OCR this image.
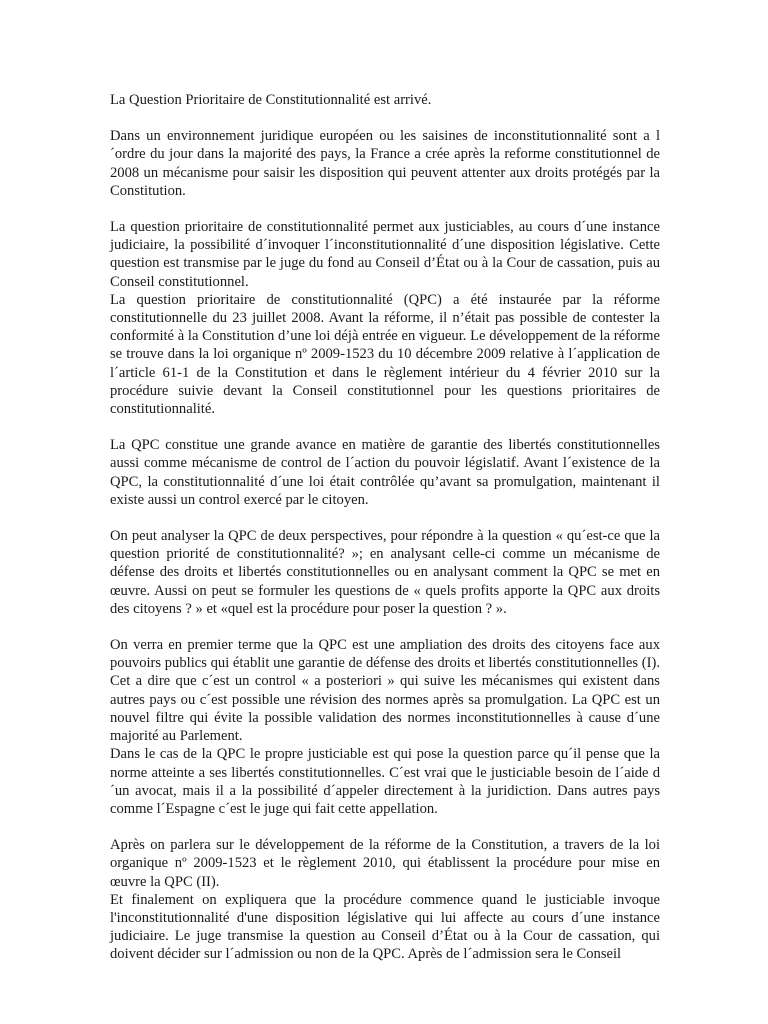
La Question Prioritaire de Constitutionnalité est arrivé.

Dans un environnement juridique européen ou les saisines de inconstitutionnalité sont a l´ordre du jour dans la majorité des pays, la France a crée après la reforme constitutionnel de 2008 un mécanisme pour saisir les disposition qui peuvent attenter aux droits protégés par la Constitution.

La question prioritaire de constitutionnalité permet aux justiciables, au cours d´une instance judiciaire, la possibilité d´invoquer l´inconstitutionnalité d´une disposition législative. Cette question est transmise par le juge du fond au Conseil d’État ou à la Cour de cassation, puis au Conseil constitutionnel.

La question prioritaire de constitutionnalité (QPC) a été instaurée par la réforme constitutionnelle du 23 juillet 2008. Avant la réforme, il n’était pas possible de contester la conformité à la Constitution d’une loi déjà entrée en vigueur. Le développement de la réforme se trouve dans la loi organique nº 2009-1523 du 10 décembre 2009 relative à l´application de l´article 61-1 de la Constitution et dans le règlement intérieur du 4 février 2010 sur la procédure suivie devant la Conseil constitutionnel pour les questions prioritaires de constitutionnalité.

La QPC constitue une grande avance en matière de garantie des libertés constitutionnelles aussi comme mécanisme de control de l´action du pouvoir législatif. Avant l´existence de la QPC, la constitutionnalité d´une loi était contrôlée qu’avant sa promulgation, maintenant il existe aussi un control exercé par le citoyen.

On peut analyser la QPC de deux perspectives, pour répondre à la question « qu´est-ce que la question priorité de constitutionnalité? »; en analysant celle-ci comme un mécanisme de défense des droits et libertés constitutionnelles ou en analysant comment la QPC se met en œuvre. Aussi on peut se formuler les questions de « quels profits apporte la QPC aux droits des citoyens ? » et «quel est la procédure pour poser la question ? ».

On verra en premier terme que la QPC est une ampliation des droits des citoyens face aux pouvoirs publics qui établit une garantie de défense des droits et libertés constitutionnelles (I). Cet a dire que c´est un control « a posteriori » qui suive les mécanismes qui existent dans autres pays ou c´est possible une révision des normes après sa promulgation. La QPC est un nouvel filtre qui évite la possible validation des normes inconstitutionnelles à cause d´une majorité au Parlement.

Dans le cas de la QPC le propre justiciable est qui pose la question parce qu´il pense que la norme atteinte a ses libertés constitutionnelles. C´est vrai que le justiciable besoin de l´aide d´un avocat, mais il a la possibilité d´appeler directement à la juridiction. Dans autres pays comme l´Espagne c´est le juge qui fait cette appellation.

Après on parlera sur le développement de la réforme de la Constitution, a travers de la loi organique nº 2009-1523 et le règlement 2010, qui établissent la procédure pour mise en œuvre la QPC (II).

Et finalement on expliquera que la procédure commence quand le justiciable invoque l'inconstitutionnalité d'une disposition législative qui lui affecte au cours d´une instance judiciaire. Le juge transmise la question au Conseil d’État ou à la Cour de cassation, qui doivent décider sur l´admission ou non de la QPC. Après de l´admission sera le Conseil
